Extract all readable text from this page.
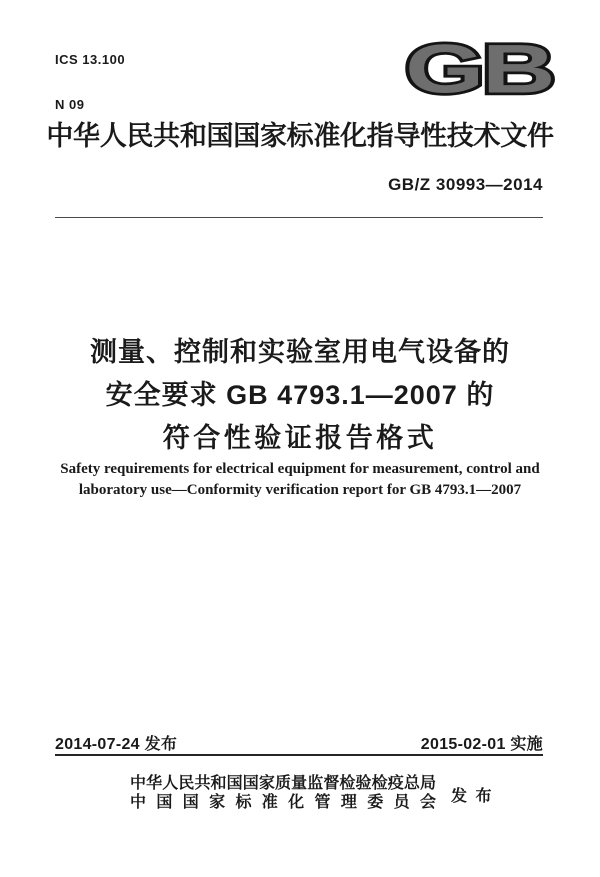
ICS 13.100

N 09

	GB
中华人民共和国国家标准化指导性技术文件
GB/Z 30993—2014
测量、控制和实验室用电气设备的
安全要求 GB 4793.1—2007 的
符合性验证报告格式
Safety requirements for electrical equipment for measurement, control and
laboratory use—Conformity verification report for GB 4793.1—2007
2014-07-24 发布	2015-02-01 实施
中华人民共和国国家质量监督检验检疫总局
中 国 国 家 标 准 化 管 理 委 员 会 发 布
